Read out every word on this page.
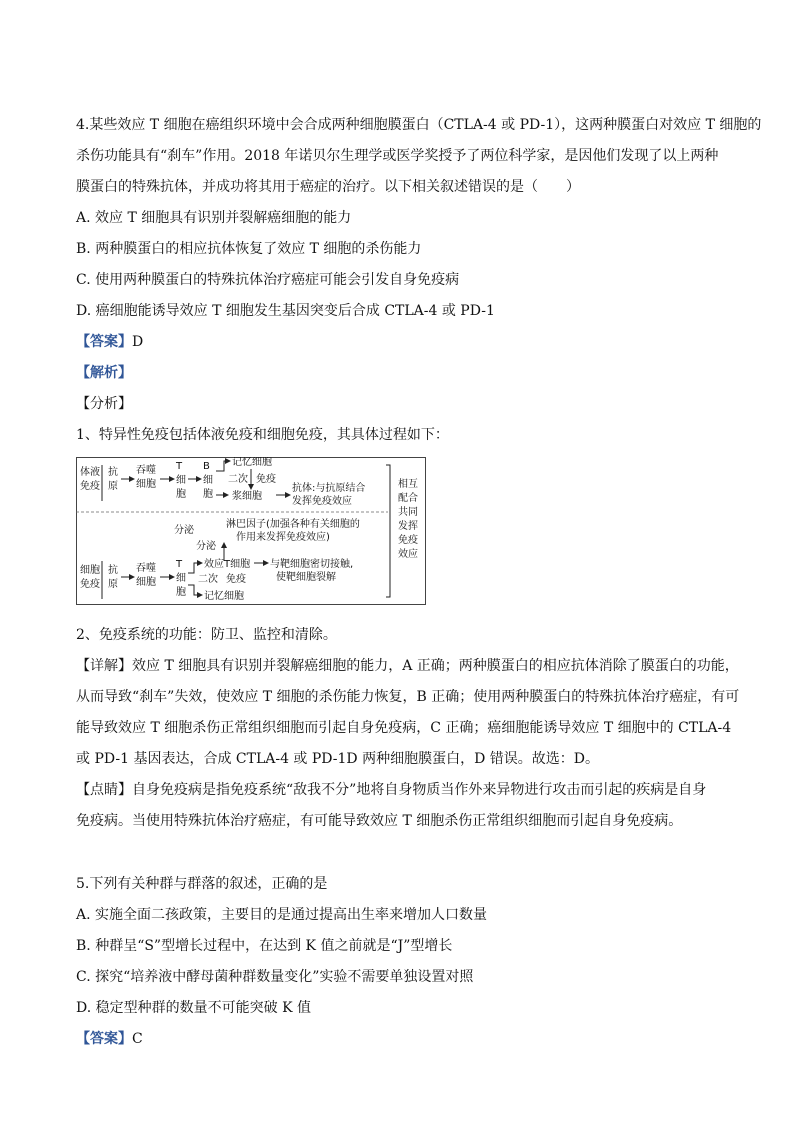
4.某些效应 T 细胞在癌组织环境中会合成两种细胞膜蛋白（CTLA-4 或 PD-1），这两种膜蛋白对效应 T 细胞的
杀伤功能具有“刹车”作用。2018 年诺贝尔生理学或医学奖授予了两位科学家，是因他们发现了以上两种
膜蛋白的特殊抗体，并成功将其用于癌症的治疗。以下相关叙述错误的是（　　）
A. 效应 T 细胞具有识别并裂解癌细胞的能力
B. 两种膜蛋白的相应抗体恢复了效应 T 细胞的杀伤能力
C. 使用两种膜蛋白的特殊抗体治疗癌症可能会引发自身免疫病
D. 癌细胞能诱导效应 T 细胞发生基因突变后合成 CTLA-4 或 PD-1
【答案】D
【解析】
【分析】
1、特异性免疫包括体液免疫和细胞免疫，其具体过程如下：
体液
免疫
抗
原
吞噬
细胞
T
细
胞
B
细
胞
记忆细胞
二次 免疫
浆细胞
抗体:与抗原结合
发挥免疫效应
相互
配合
共同
发挥
免疫
效应
淋巴因子(加强各种有关细胞的
作用来发挥免疫效应)
分泌
分泌
细胞
免疫
抗
原
吞噬
细胞
T
细
胞
效应T细胞 与靶细胞密切接触,
使靶细胞裂解
二次 免疫
记忆细胞
2、免疫系统的功能：防卫、监控和清除。
【详解】效应 T 细胞具有识别并裂解癌细胞的能力，A 正确；两种膜蛋白的相应抗体消除了膜蛋白的功能，
从而导致“刹车”失效，使效应 T 细胞的杀伤能力恢复，B 正确；使用两种膜蛋白的特殊抗体治疗癌症，有可
能导致效应 T 细胞杀伤正常组织细胞而引起自身免疫病，C 正确；癌细胞能诱导效应 T 细胞中的 CTLA-4
或 PD-1 基因表达，合成 CTLA-4 或 PD-1D 两种细胞膜蛋白，D 错误。故选：D。
【点睛】自身免疫病是指免疫系统“敌我不分”地将自身物质当作外来异物进行攻击而引起的疾病是自身
免疫病。当使用特殊抗体治疗癌症，有可能导致效应 T 细胞杀伤正常组织细胞而引起自身免疫病。
5.下列有关种群与群落的叙述，正确的是
A. 实施全面二孩政策，主要目的是通过提高出生率来增加人口数量
B. 种群呈“S”型增长过程中，在达到 K 值之前就是“J”型增长
C. 探究“培养液中酵母菌种群数量变化”实验不需要单独设置对照
D. 稳定型种群的数量不可能突破 K 值
【答案】C
